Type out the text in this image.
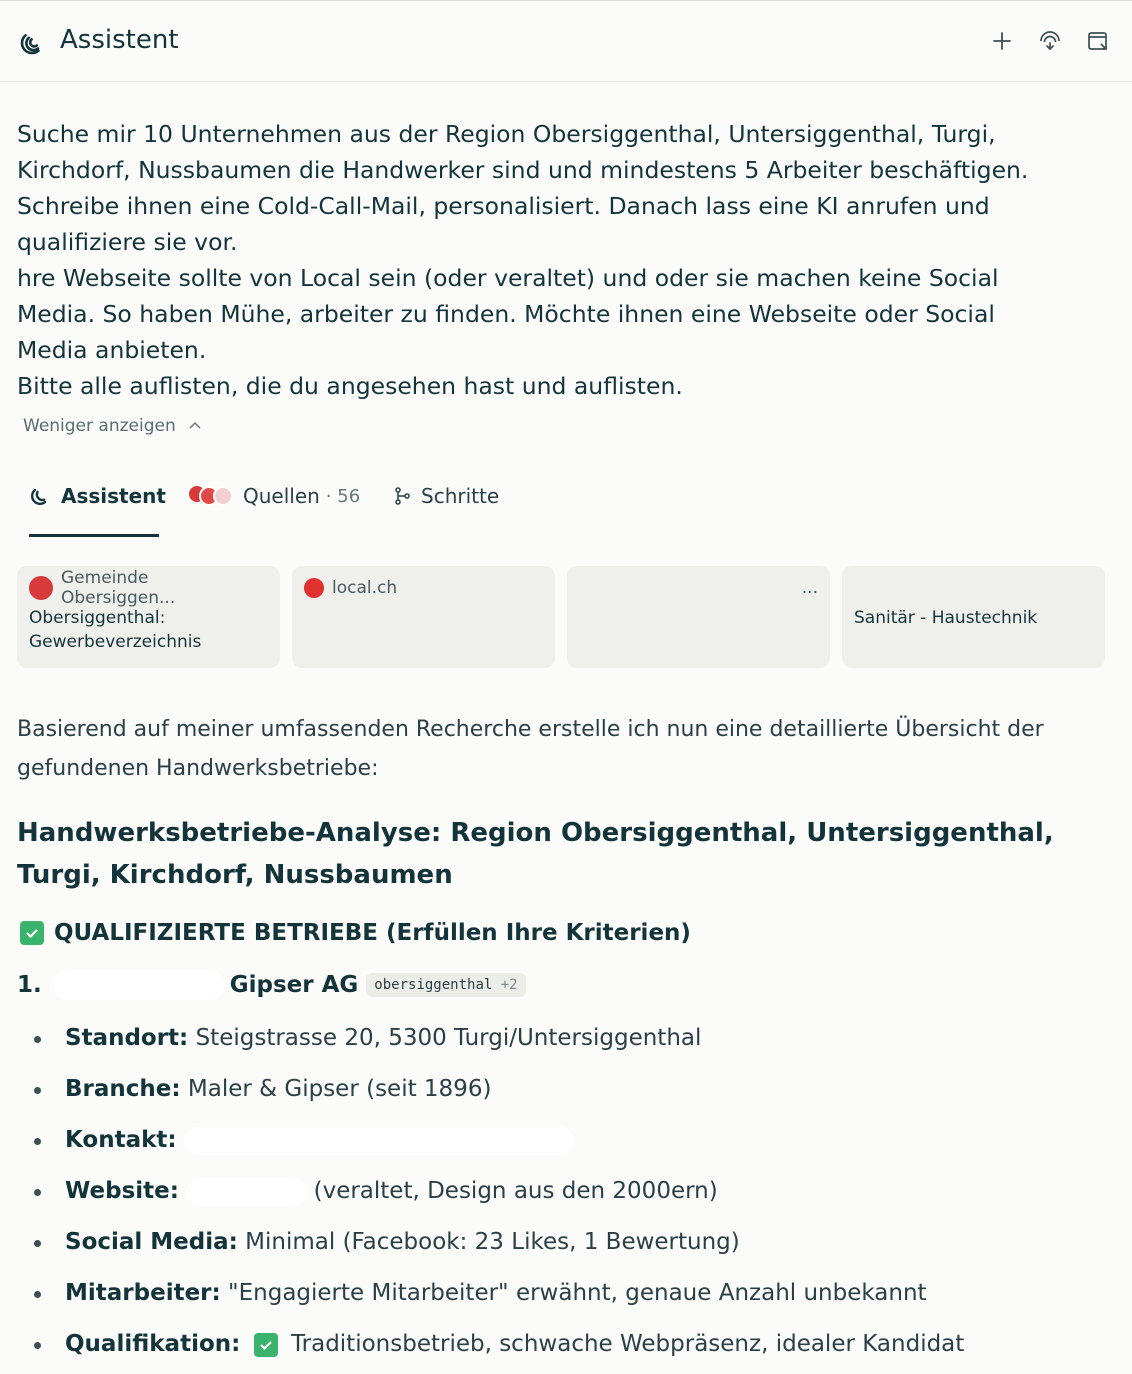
Assistent
Suche mir 10 Unternehmen aus der Region Obersiggenthal, Untersiggenthal, Turgi,
Kirchdorf, Nussbaumen die Handwerker sind und mindestens 5 Arbeiter beschäftigen.
Schreibe ihnen eine Cold-Call-Mail, personalisiert. Danach lass eine KI anrufen und
qualifiziere sie vor.
hre Webseite sollte von Local sein (oder veraltet) und oder sie machen keine Social
Media. So haben Mühe, arbeiter zu finden. Möchte ihnen eine Webseite oder Social
Media anbieten.
Bitte alle auflisten, die du angesehen hast und auflisten.
Weniger anzeigen
Assistent	Quellen · 56	Schritte
Gemeinde Obersiggen...
Obersiggenthal: Gewerbeverzeichnis
local.ch	...
Sanitär - Haustechnik
Basierend auf meiner umfassenden Recherche erstelle ich nun eine detaillierte Übersicht der gefundenen Handwerksbetriebe:
Handwerksbetriebe-Analyse: Region Obersiggenthal, Untersiggenthal, Turgi, Kirchdorf, Nussbaumen
QUALIFIZIERTE BETRIEBE (Erfüllen Ihre Kriterien)
1.	Gipser AG	obersiggenthal +2
Standort: Steigstrasse 20, 5300 Turgi/Untersiggenthal
Branche: Maler & Gipser (seit 1896)
Kontakt:
Website:	(veraltet, Design aus den 2000ern)
Social Media: Minimal (Facebook: 23 Likes, 1 Bewertung)
Mitarbeiter: "Engagierte Mitarbeiter" erwähnt, genaue Anzahl unbekannt
Qualifikation: Traditionsbetrieb, schwache Webpräsenz, idealer Kandidat
